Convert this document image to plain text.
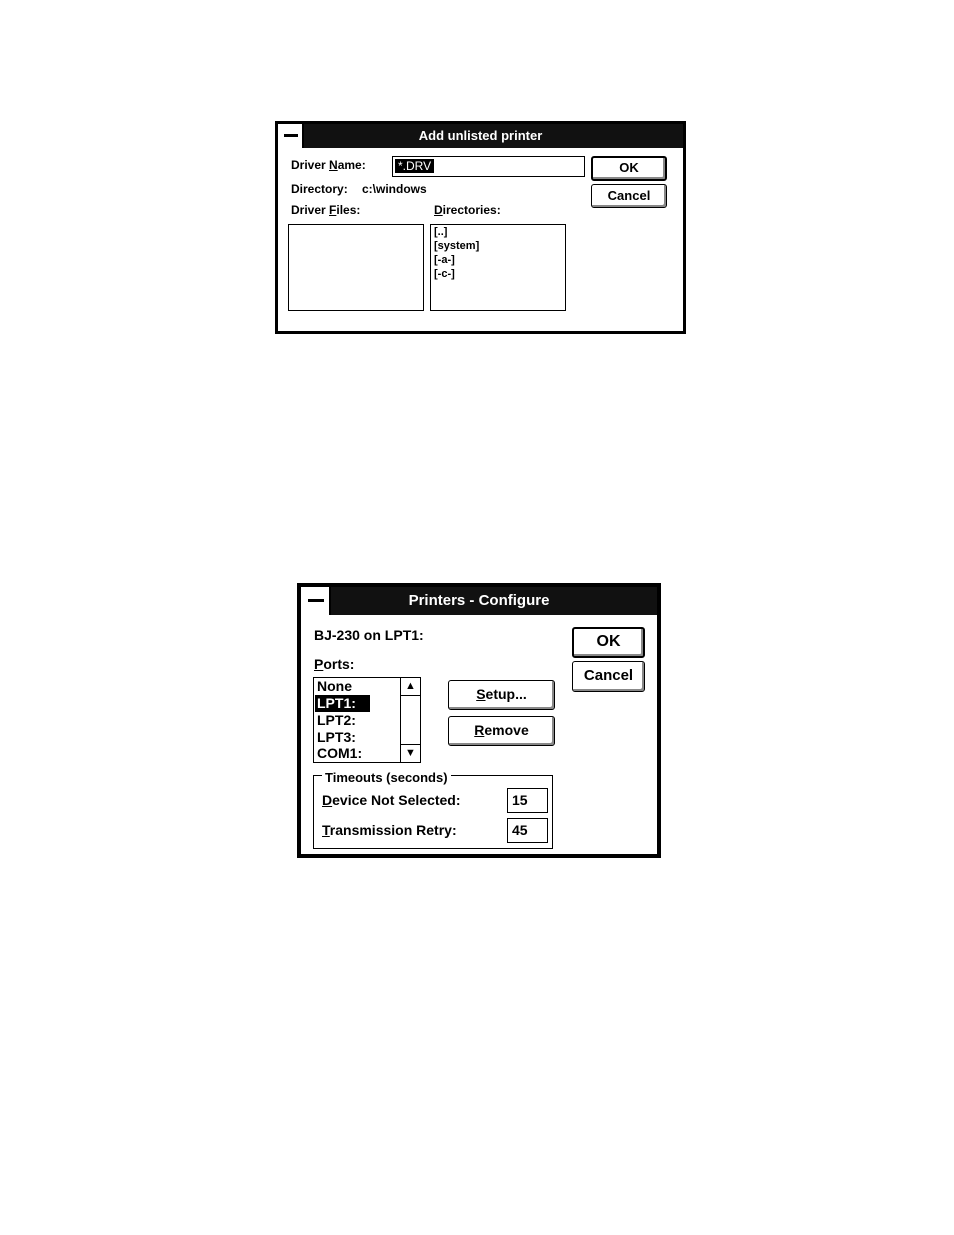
Add unlisted printer
Driver Name:	*.DRV	OK
Cancel
Directory: c:\windows
Driver Files:	Directories:
[..]
[system]
[-a-]
[-c-]
Printers - Configure
BJ-230 on LPT1:	OK
Cancel
Ports:
None
LPT1:
LPT2:
LPT3:
COM1:
▲
▼
Setup...
Remove
Timeouts (seconds)
Device Not Selected:	15
Transmission Retry:	45
